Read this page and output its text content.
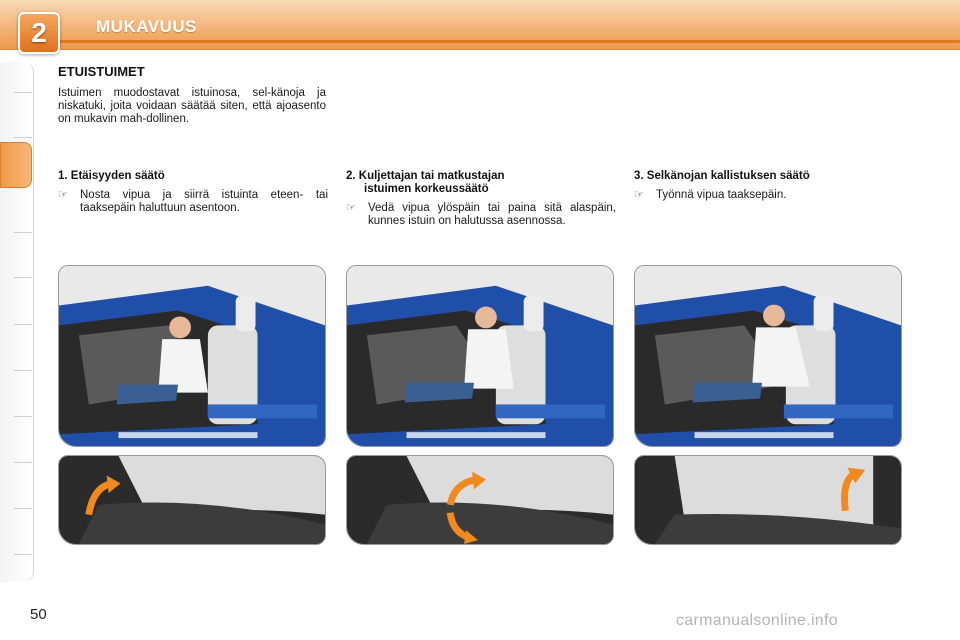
2	MUKAVUUS
ETUISTUIMET
Istuimen muodostavat istuinosa, sel-känoja ja niskatuki, joita voidaan säätää siten, että ajoasento on mukavin mah-dollinen.
1. Etäisyyden säätö
☞	Nosta vipua ja siirrä istuinta eteen- tai taaksepäin haluttuun asentoon.
2. Kuljettajan tai matkustajan
istuimen korkeussäätö
☞	Vedä vipua ylöspäin tai paina sitä alaspäin, kunnes istuin on halutussa asennossa.
3. Selkänojan kallistuksen säätö
☞	Työnnä vipua taaksepäin.
50	carmanualsonline.info
